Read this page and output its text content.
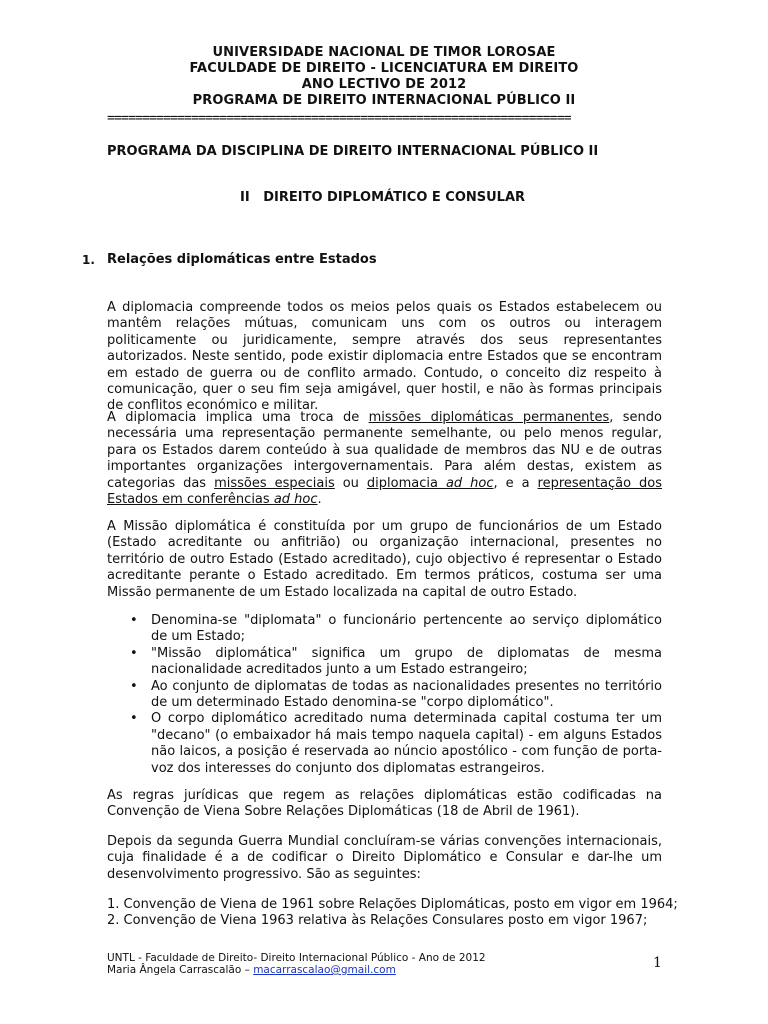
UNIVERSIDADE NACIONAL DE TIMOR LOROSAE
FACULDADE DE DIREITO - LICENCIATURA EM DIREITO
ANO LECTIVO DE 2012
PROGRAMA DE DIREITO INTERNACIONAL PÚBLICO II
==================================================================
PROGRAMA DA DISCIPLINA DE DIREITO INTERNACIONAL PÚBLICO II
II   DIREITO DIPLOMÁTICO E CONSULAR
1. Relações diplomáticas entre Estados
A diplomacia compreende todos os meios pelos quais os Estados estabelecem ou mantêm relações mútuas, comunicam uns com os outros ou interagem politicamente ou juridicamente, sempre através dos seus representantes autorizados. Neste sentido, pode existir diplomacia entre Estados que se encontram em estado de guerra ou de conflito armado. Contudo, o conceito diz respeito à comunicação, quer o seu fim seja amigável, quer hostil, e não às formas principais de conflitos económico e militar.
A diplomacia implica uma troca de missões diplomáticas permanentes, sendo necessária uma representação permanente semelhante, ou pelo menos regular, para os Estados darem conteúdo à sua qualidade de membros das NU e de outras importantes organizações intergovernamentais. Para além destas, existem as categorias das missões especiais ou diplomacia ad hoc, e a representação dos Estados em conferências ad hoc.
A Missão diplomática é constituída por um grupo de funcionários de um Estado (Estado acreditante ou anfitrião) ou organização internacional, presentes no território de outro Estado (Estado acreditado), cujo objectivo é representar o Estado acreditante perante o Estado acreditado. Em termos práticos, costuma ser uma Missão permanente de um Estado localizada na capital de outro Estado.
• Denomina-se "diplomata" o funcionário pertencente ao serviço diplomático de um Estado;
• "Missão diplomática" significa um grupo de diplomatas de mesma nacionalidade acreditados junto a um Estado estrangeiro;
• Ao conjunto de diplomatas de todas as nacionalidades presentes no território de um determinado Estado denomina-se "corpo diplomático".
• O corpo diplomático acreditado numa determinada capital costuma ter um "decano" (o embaixador há mais tempo naquela capital) - em alguns Estados não laicos, a posição é reservada ao núncio apostólico - com função de porta-voz dos interesses do conjunto dos diplomatas estrangeiros.
As regras jurídicas que regem as relações diplomáticas estão codificadas na Convenção de Viena Sobre Relações Diplomáticas (18 de Abril de 1961).
Depois da segunda Guerra Mundial concluíram-se várias convenções internacionais, cuja finalidade é a de codificar o Direito Diplomático e Consular e dar-lhe um desenvolvimento progressivo. São as seguintes:
1. Convenção de Viena de 1961 sobre Relações Diplomáticas, posto em vigor em 1964;
2. Convenção de Viena 1963 relativa às Relações Consulares posto em vigor 1967;
UNTL - Faculdade de Direito- Direito Internacional Público - Ano de 2012
Maria Ângela Carrascalão – macarrascalao@gmail.com	1
